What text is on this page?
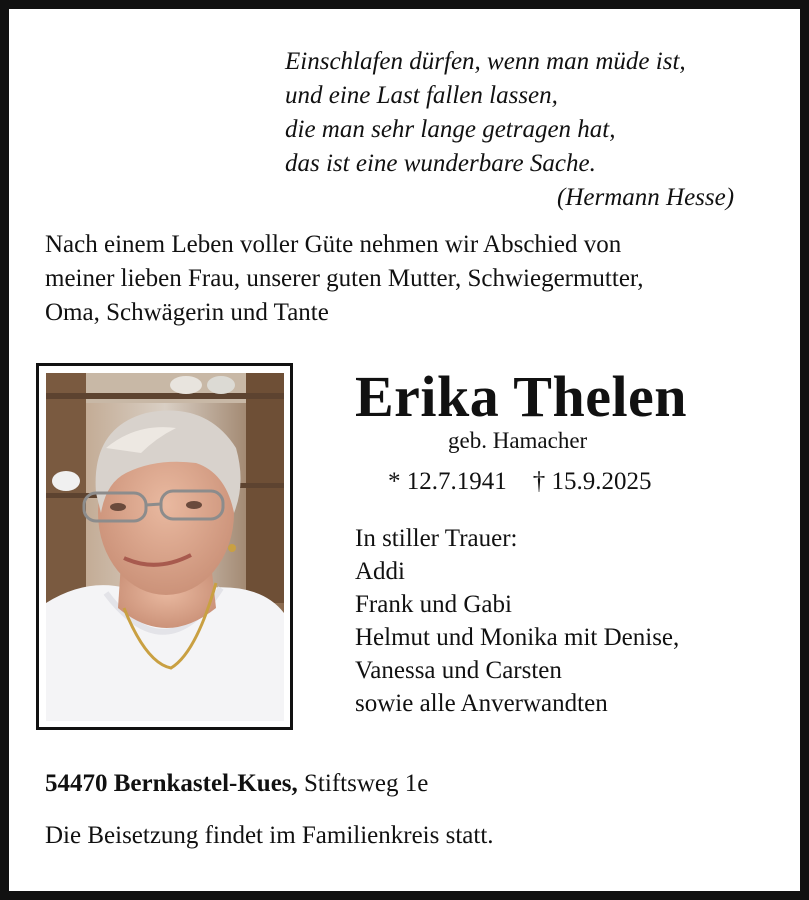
Einschlafen dürfen, wenn man müde ist,
und eine Last fallen lassen,
die man sehr lange getragen hat,
das ist eine wunderbare Sache.
(Hermann Hesse)
Nach einem Leben voller Güte nehmen wir Abschied von
meiner lieben Frau, unserer guten Mutter, Schwiegermutter,
Oma, Schwägerin und Tante
Erika Thelen
geb. Hamacher
* 12.7.1941 † 15.9.2025
In stiller Trauer:
Addi
Frank und Gabi
Helmut und Monika mit Denise,
Vanessa und Carsten
sowie alle Anverwandten
54470 Bernkastel-Kues, Stiftsweg 1e
Die Beisetzung findet im Familienkreis statt.
